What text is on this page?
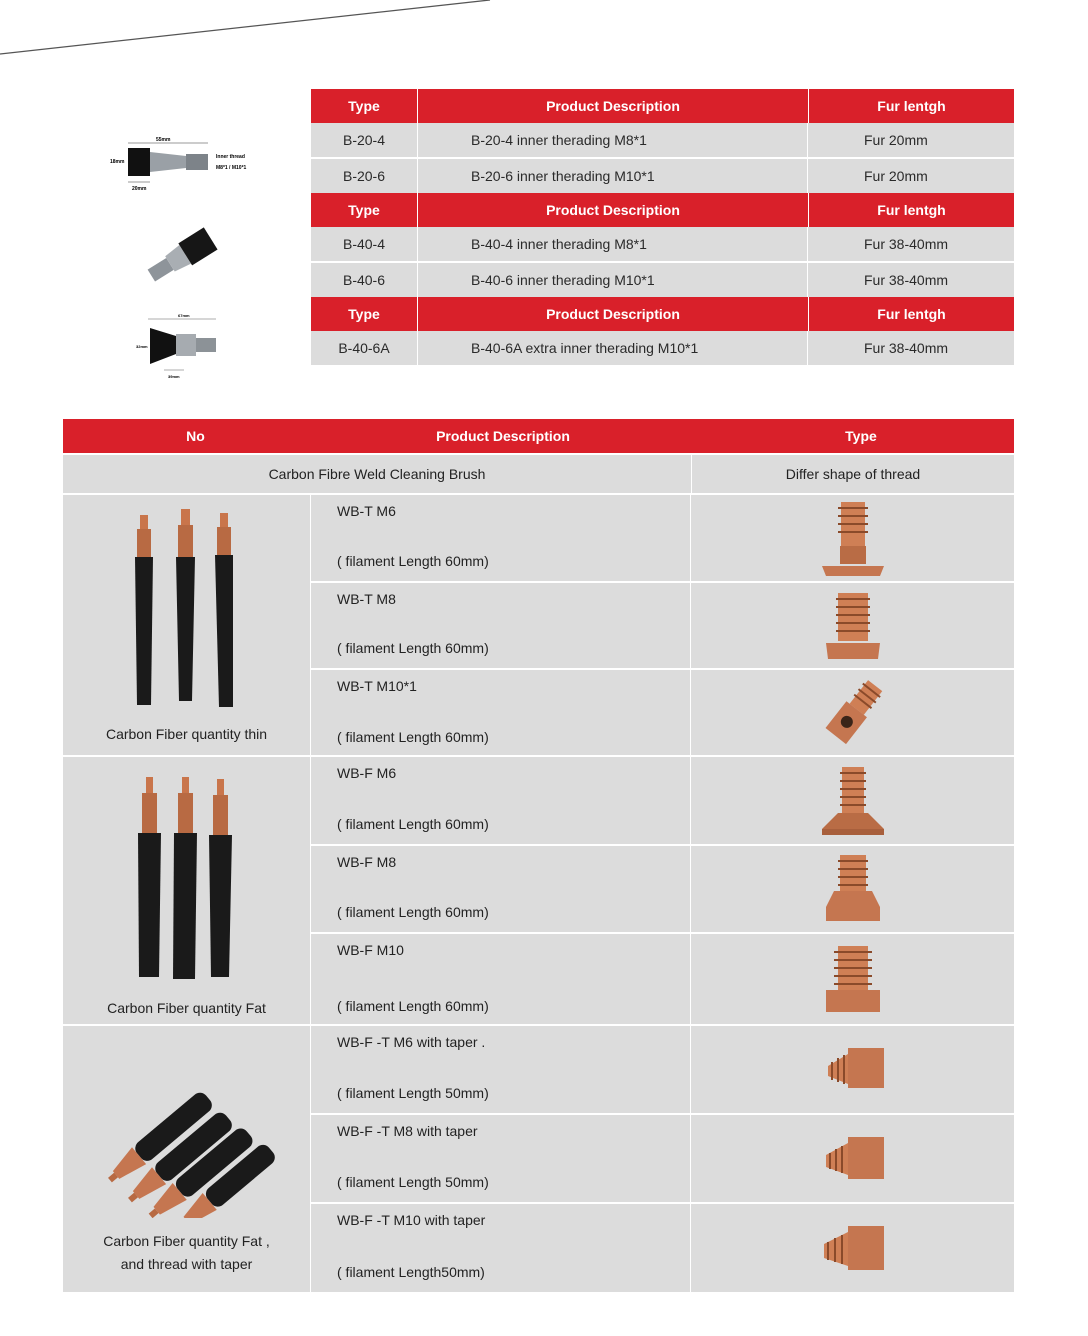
55mm
18mm
Inner thread
M8*1 / M10*1
20mm
67mm
32mm
39mm
Type	Product Description	Fur lentgh
B-20-4	B-20-4 inner therading M8*1	Fur 20mm
B-20-6	B-20-6 inner therading M10*1	Fur 20mm
Type	Product Description	Fur lentgh
B-40-4	B-40-4 inner therading M8*1	Fur 38-40mm
B-40-6	B-40-6 inner therading M10*1	Fur 38-40mm
Type	Product Description	Fur lentgh
B-40-6A	B-40-6A extra inner therading M10*1	Fur 38-40mm
No	Product Description	Type
Carbon Fibre Weld Cleaning Brush	Differ shape of thread
Carbon Fiber quantity thin
WB-T M6
( filament Length 60mm)
WB-T M8
( filament Length 60mm)
WB-T M10*1
( filament Length 60mm)
Carbon Fiber quantity Fat
WB-F M6
( filament Length 60mm)
WB-F M8
( filament Length 60mm)
WB-F M10
( filament Length 60mm)
Carbon Fiber quantity Fat ,
and thread with taper
WB-F -T M6 with taper .
( filament Length 50mm)
WB-F -T M8 with taper
( filament Length 50mm)
WB-F -T M10 with taper
( filament Length50mm)
